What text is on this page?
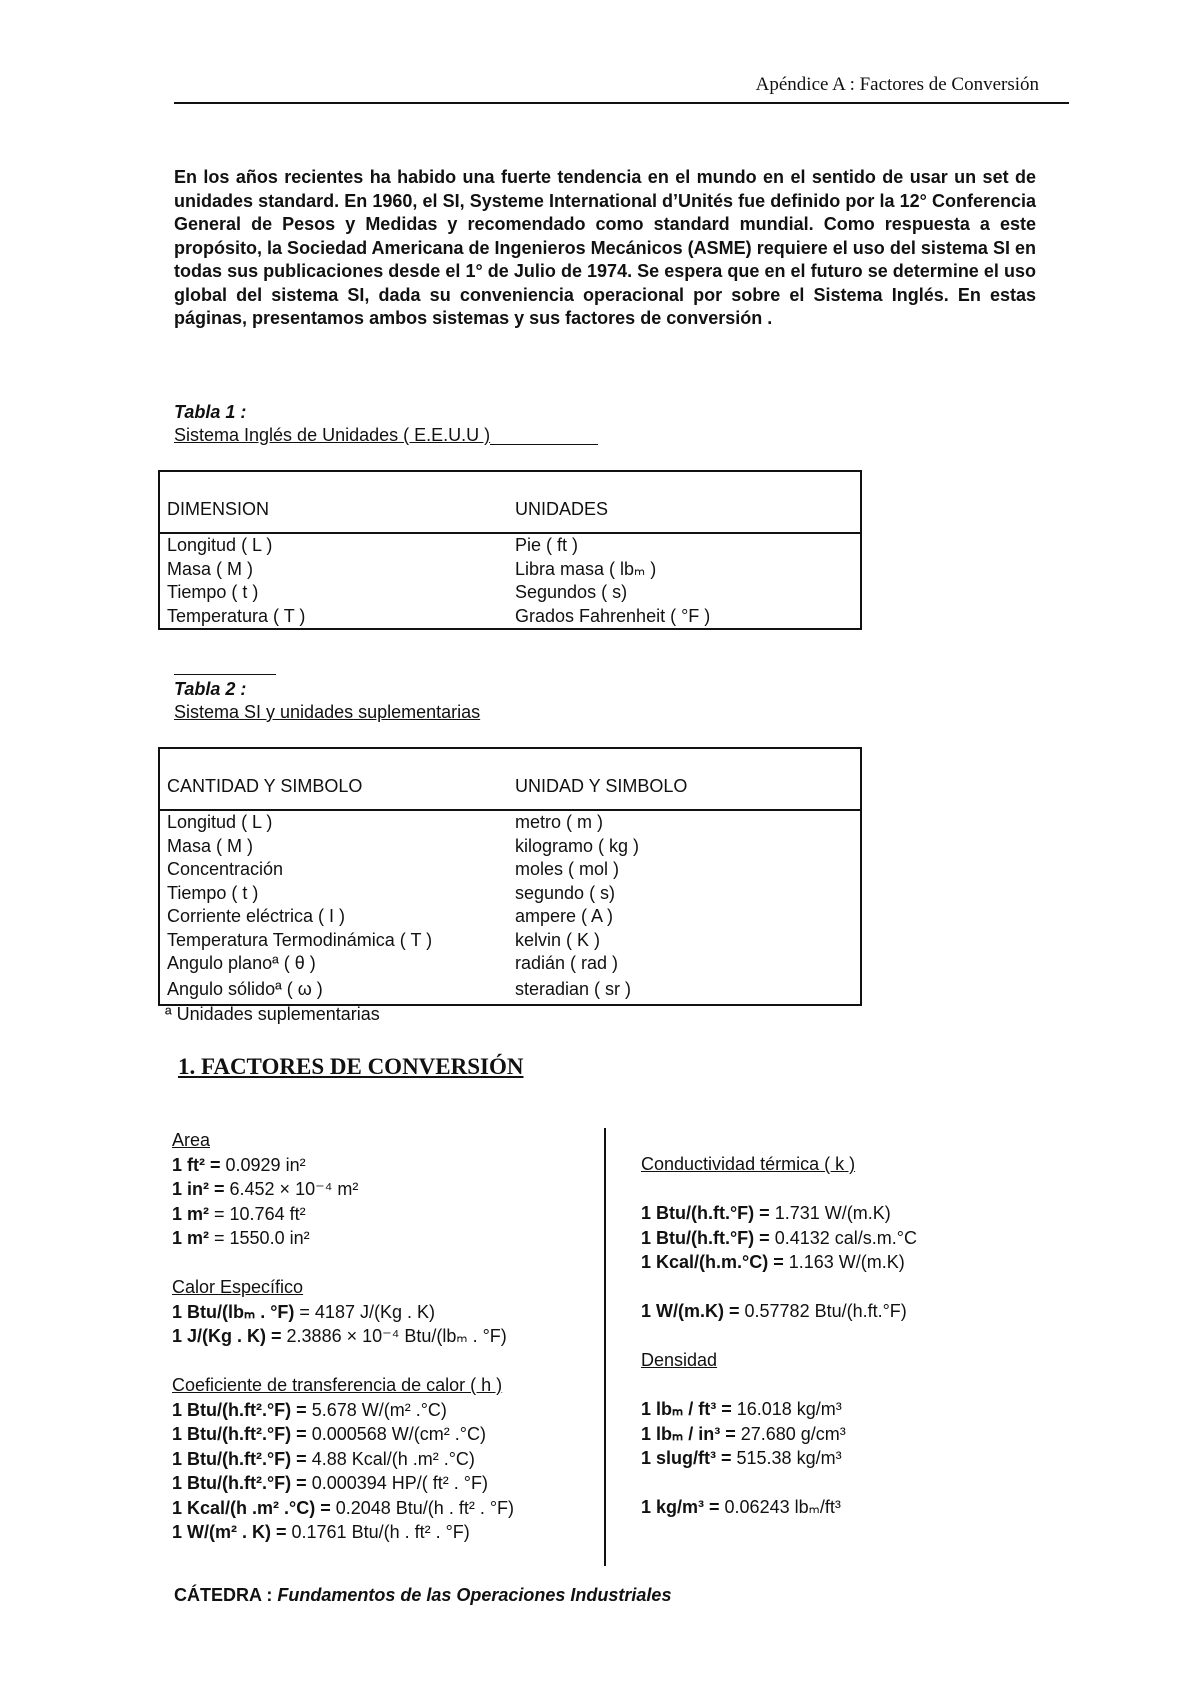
Apéndice A : Factores de Conversión
En los años recientes ha habido una fuerte tendencia en el mundo en el sentido de usar un set de unidades standard. En 1960, el SI, Systeme International d’Unités fue definido por la 12° Conferencia General de Pesos y Medidas y recomendado como standard mundial. Como respuesta a este propósito, la Sociedad Americana de Ingenieros Mecánicos (ASME) requiere el uso del sistema SI en todas sus publicaciones desde el 1° de Julio de 1974. Se espera que en el futuro se determine el uso global del sistema SI, dada su conveniencia operacional por sobre el Sistema Inglés. En estas páginas, presentamos ambos sistemas y sus factores de conversión .
Tabla 1 :
Sistema Inglés de Unidades ( E.E.U.U )
DIMENSION	UNIDADES
Longitud ( L )	Pie ( ft )
Masa ( M )	Libra masa ( lbₘ )
Tiempo ( t )	Segundos ( s)
Temperatura ( T )	Grados Fahrenheit ( °F )
Tabla 2 :
Sistema SI y unidades suplementarias
CANTIDAD Y SIMBOLO	UNIDAD Y SIMBOLO
Longitud ( L )	metro ( m )
Masa ( M )	kilogramo ( kg )
Concentración	moles ( mol )
Tiempo ( t )	segundo ( s)
Corriente eléctrica ( I )	ampere ( A )
Temperatura Termodinámica ( T )	kelvin ( K )
Angulo planoª ( θ )	radián ( rad )
Angulo sólidoª ( ω )	steradian ( sr )
ª Unidades suplementarias
1. FACTORES DE CONVERSIÓN
Area
1 ft² = 0.0929 in²
1 in² = 6.452 × 10⁻⁴ m²
1 m² = 10.764 ft²
1 m² = 1550.0 in²
Calor Específico
1 Btu/(lbₘ . °F) = 4187 J/(Kg . K)
1 J/(Kg . K) = 2.3886 × 10⁻⁴ Btu/(lbₘ . °F)
Coeficiente de transferencia de calor ( h )
1 Btu/(h.ft².°F) = 5.678 W/(m² .°C)
1 Btu/(h.ft².°F) = 0.000568 W/(cm² .°C)
1 Btu/(h.ft².°F) = 4.88 Kcal/(h .m² .°C)
1 Btu/(h.ft².°F) = 0.000394 HP/( ft² . °F)
1 Kcal/(h .m² .°C) = 0.2048 Btu/(h . ft² . °F)
1 W/(m² . K) = 0.1761 Btu/(h . ft² . °F)
Conductividad térmica ( k )
1 Btu/(h.ft.°F) = 1.731 W/(m.K)
1 Btu/(h.ft.°F) = 0.4132 cal/s.m.°C
1 Kcal/(h.m.°C) = 1.163 W/(m.K)
1 W/(m.K) = 0.57782 Btu/(h.ft.°F)
Densidad
1 lbₘ / ft³ = 16.018 kg/m³
1 lbₘ / in³ = 27.680 g/cm³
1 slug/ft³ = 515.38 kg/m³
1 kg/m³ = 0.06243 lbₘ/ft³
CÁTEDRA : Fundamentos de las Operaciones Industriales
